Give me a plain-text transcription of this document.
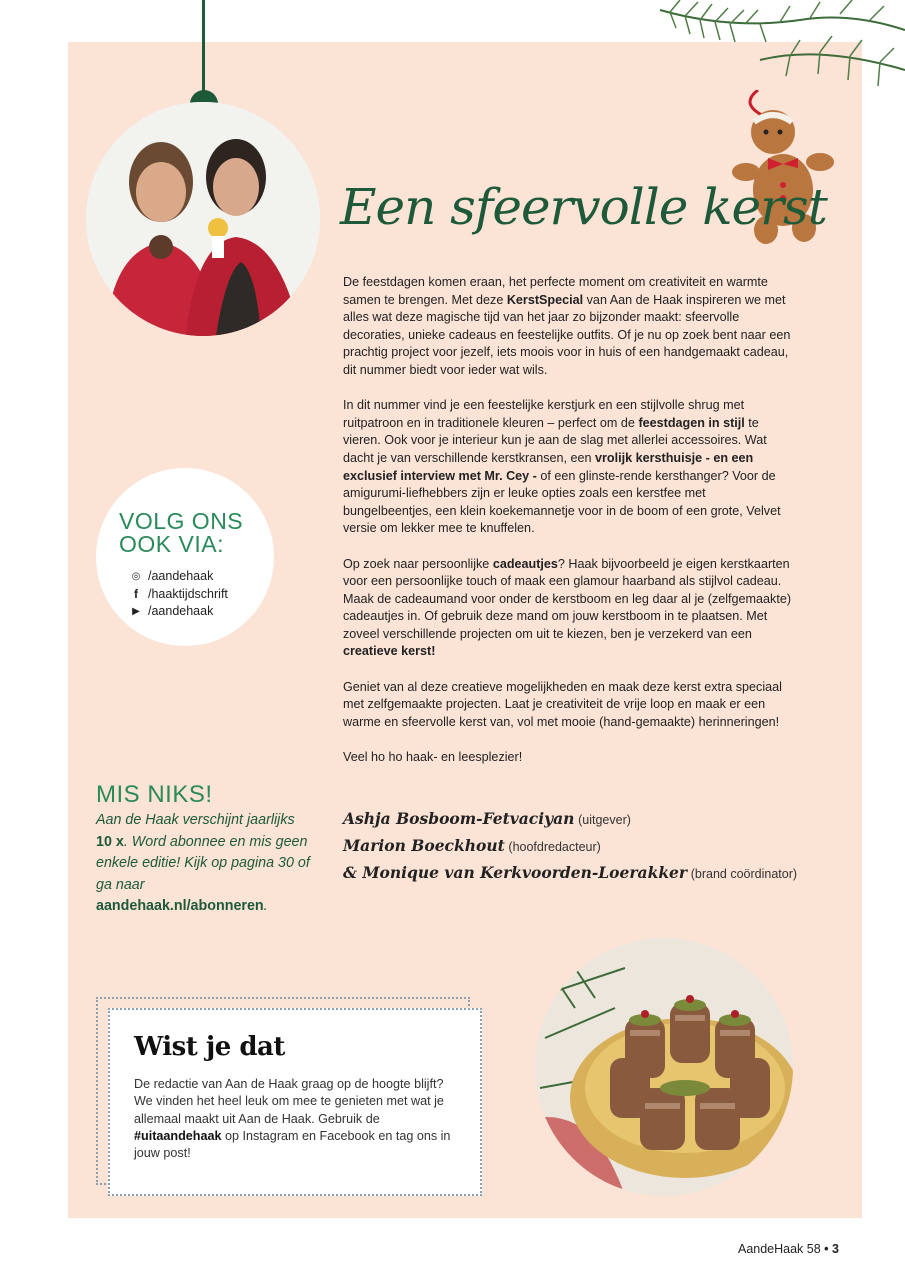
Een sfeervolle kerst

De feestdagen komen eraan, het perfecte moment om creativiteit en warmte samen te brengen. Met deze KerstSpecial van Aan de Haak inspireren we met alles wat deze magische tijd van het jaar zo bijzonder maakt: sfeervolle decoraties, unieke cadeaus en feestelijke outfits. Of je nu op zoek bent naar een prachtig project voor jezelf, iets moois voor in huis of een handgemaakt cadeau, dit nummer biedt voor ieder wat wils.

In dit nummer vind je een feestelijke kerstjurk en een stijlvolle shrug met ruitpatroon en in traditionele kleuren – perfect om de feestdagen in stijl te vieren. Ook voor je interieur kun je aan de slag met allerlei accessoires. Wat dacht je van verschillende kerstkransen, een vrolijk kersthuisje - en een exclusief interview met Mr. Cey - of een glinste-rende kersthanger? Voor de amigurumi-liefhebbers zijn er leuke opties zoals een kerstfee met bungelbeentjes, een klein koekemannetje voor in de boom of een grote, Velvet versie om lekker mee te knuffelen.

Op zoek naar persoonlijke cadeautjes? Haak bijvoorbeeld je eigen kerstkaarten voor een persoonlijke touch of maak een glamour haarband als stijlvol cadeau. Maak de cadeaumand voor onder de kerstboom en leg daar al je (zelfgemaakte) cadeautjes in. Of gebruik deze mand om jouw kerstboom in te plaatsen. Met zoveel verschillende projecten om uit te kiezen, ben je verzekerd van een creatieve kerst!

Geniet van al deze creatieve mogelijkheden en maak deze kerst extra speciaal met zelfgemaakte projecten. Laat je creativiteit de vrije loop en maak er een warme en sfeervolle kerst van, vol met mooie (hand-gemaakte) herinneringen!

Veel ho ho haak- en leesplezier!

Ashja Bosboom-Fetvaciyan (uitgever)
Marion Boeckhout (hoofdredacteur)
& Monique van Kerkvoorden-Loerakker (brand coördinator)
VOLG ONS
OOK VIA:
◎ /aandehaak
f /haaktijdschrift
▶ /aandehaak
MIS NIKS!
Aan de Haak verschijnt jaarlijks 10 x. Word abonnee en mis geen enkele editie! Kijk op pagina 30 of ga naar aandehaak.nl/abonneren.
Wist je dat
De redactie van Aan de Haak graag op de hoogte blijft? We vinden het heel leuk om mee te genieten met wat je allemaal maakt uit Aan de Haak. Gebruik de #uitaandehaak op Instagram en Facebook en tag ons in jouw post!
AandeHaak 58 • 3
